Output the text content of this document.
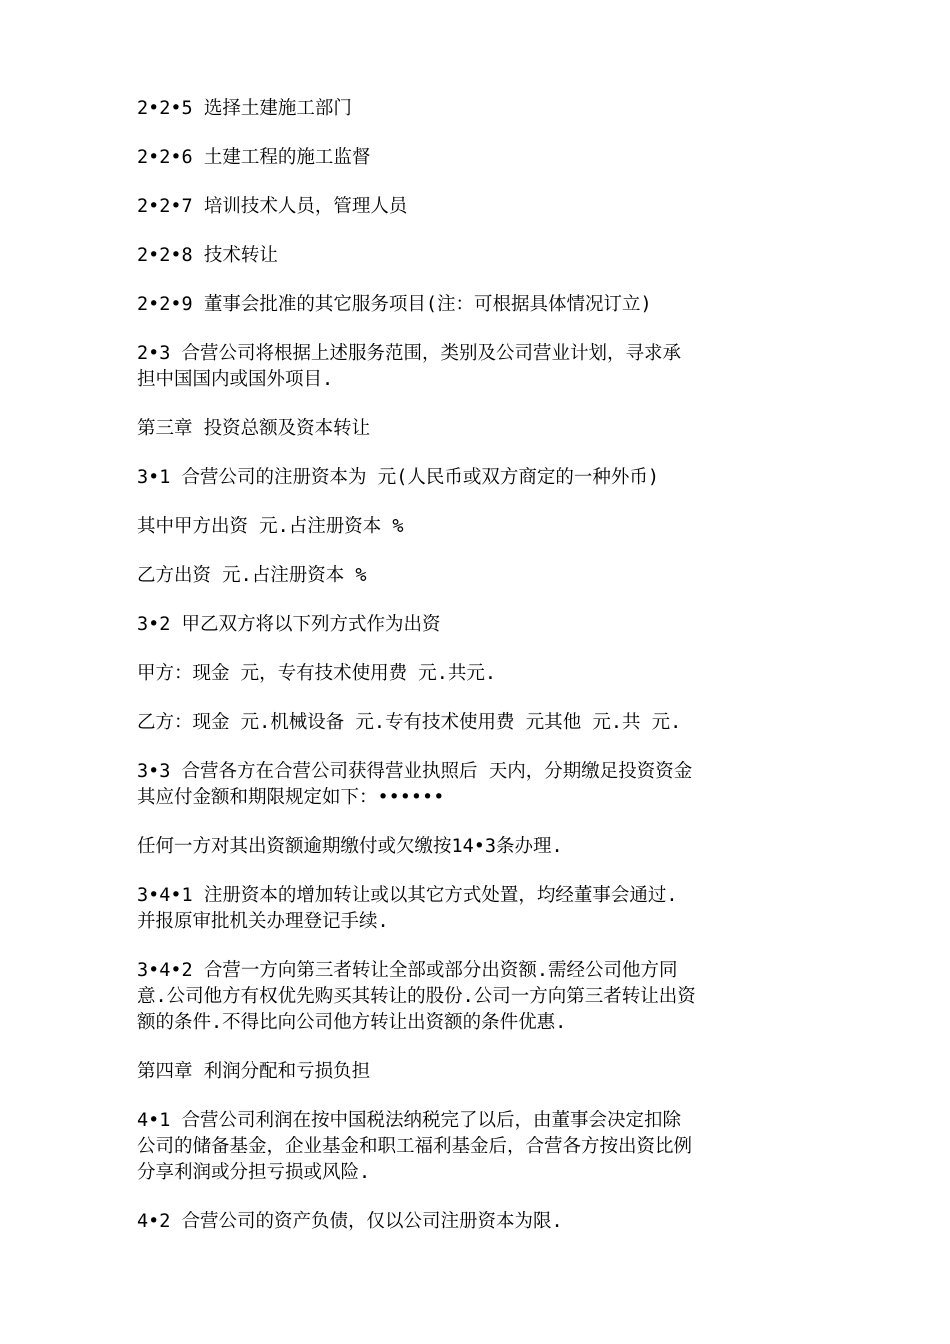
2•2•5 选择土建施工部门
2•2•6 土建工程的施工监督
2•2•7 培训技术人员，管理人员
2•2•8 技术转让
2•2•9 董事会批准的其它服务项目(注：可根据具体情况订立)
2•3 合营公司将根据上述服务范围，类别及公司营业计划，寻求承
担中国国内或国外项目.
第三章 投资总额及资本转让
3•1 合营公司的注册资本为 元(人民币或双方商定的一种外币)
其中甲方出资 元.占注册资本 %
乙方出资 元.占注册资本 %
3•2 甲乙双方将以下列方式作为出资
甲方：现金 元，专有技术使用费 元.共元.
乙方：现金 元.机械设备 元.专有技术使用费 元其他 元.共 元.
3•3 合营各方在合营公司获得营业执照后 天内，分期缴足投资资金
其应付金额和期限规定如下：••••••
任何一方对其出资额逾期缴付或欠缴按14•3条办理.
3•4•1 注册资本的增加转让或以其它方式处置，均经董事会通过.
并报原审批机关办理登记手续.
3•4•2 合营一方向第三者转让全部或部分出资额.需经公司他方同
意.公司他方有权优先购买其转让的股份.公司一方向第三者转让出资
额的条件.不得比向公司他方转让出资额的条件优惠.
第四章 利润分配和亏损负担
4•1 合营公司利润在按中国税法纳税完了以后，由董事会决定扣除
公司的储备基金，企业基金和职工福利基金后，合营各方按出资比例
分享利润或分担亏损或风险.
4•2 合营公司的资产负债，仅以公司注册资本为限.
